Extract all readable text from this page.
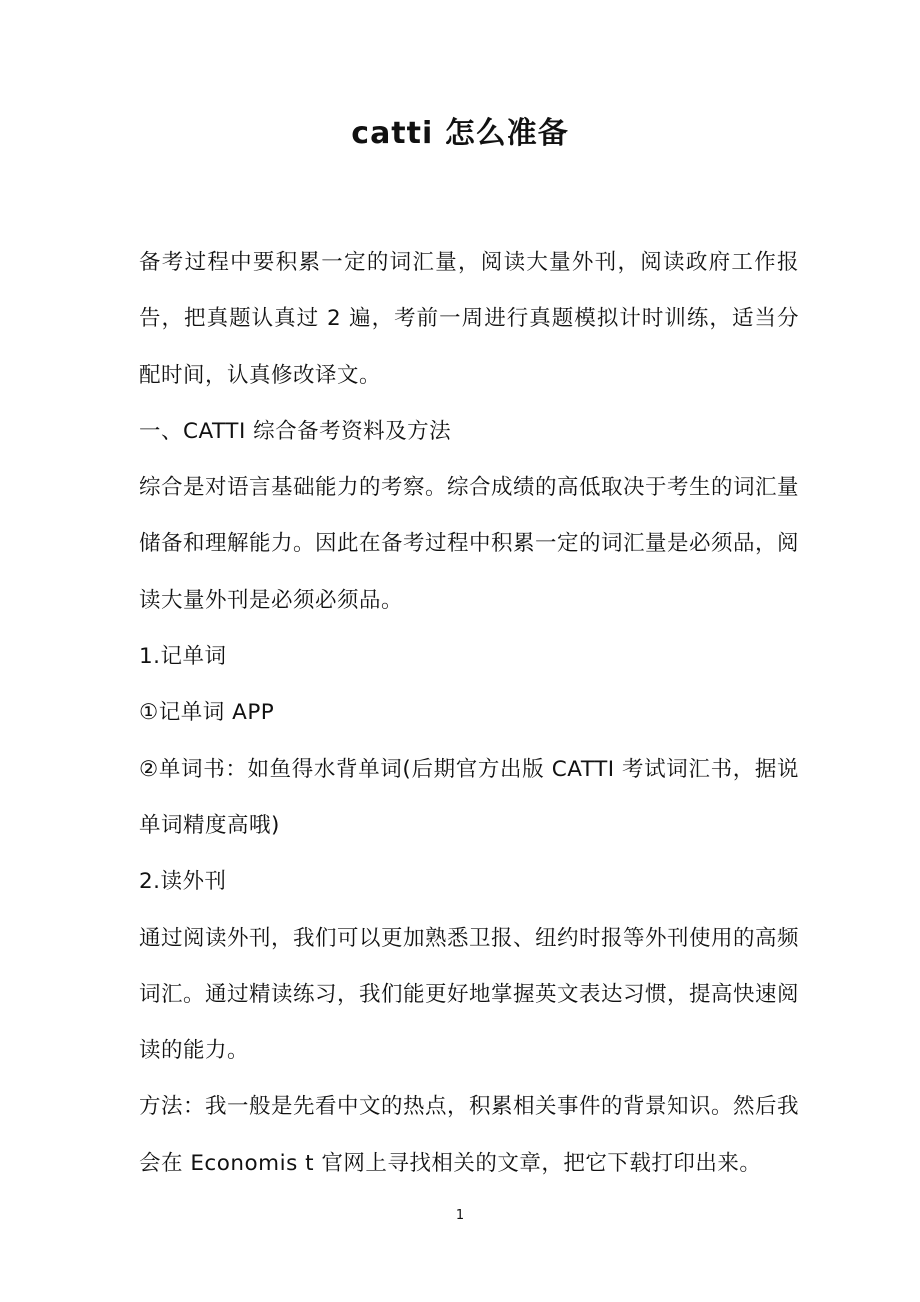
catti 怎么准备

备考过程中要积累一定的词汇量，阅读大量外刊，阅读政府工作报告，把真题认真过 2 遍，考前一周进行真题模拟计时训练，适当分配时间，认真修改译文。

一、CATTI 综合备考资料及方法

综合是对语言基础能力的考察。综合成绩的高低取决于考生的词汇量储备和理解能力。因此在备考过程中积累一定的词汇量是必须品，阅读大量外刊是必须必须品。

1.记单词

①记单词 APP

②单词书：如鱼得水背单词(后期官方出版 CATTI 考试词汇书，据说单词精度高哦)

2.读外刊

通过阅读外刊，我们可以更加熟悉卫报、纽约时报等外刊使用的高频词汇。通过精读练习，我们能更好地掌握英文表达习惯，提高快速阅读的能力。

方法：我一般是先看中文的热点，积累相关事件的背景知识。然后我会在 Economis t 官网上寻找相关的文章，把它下载打印出来。

1
